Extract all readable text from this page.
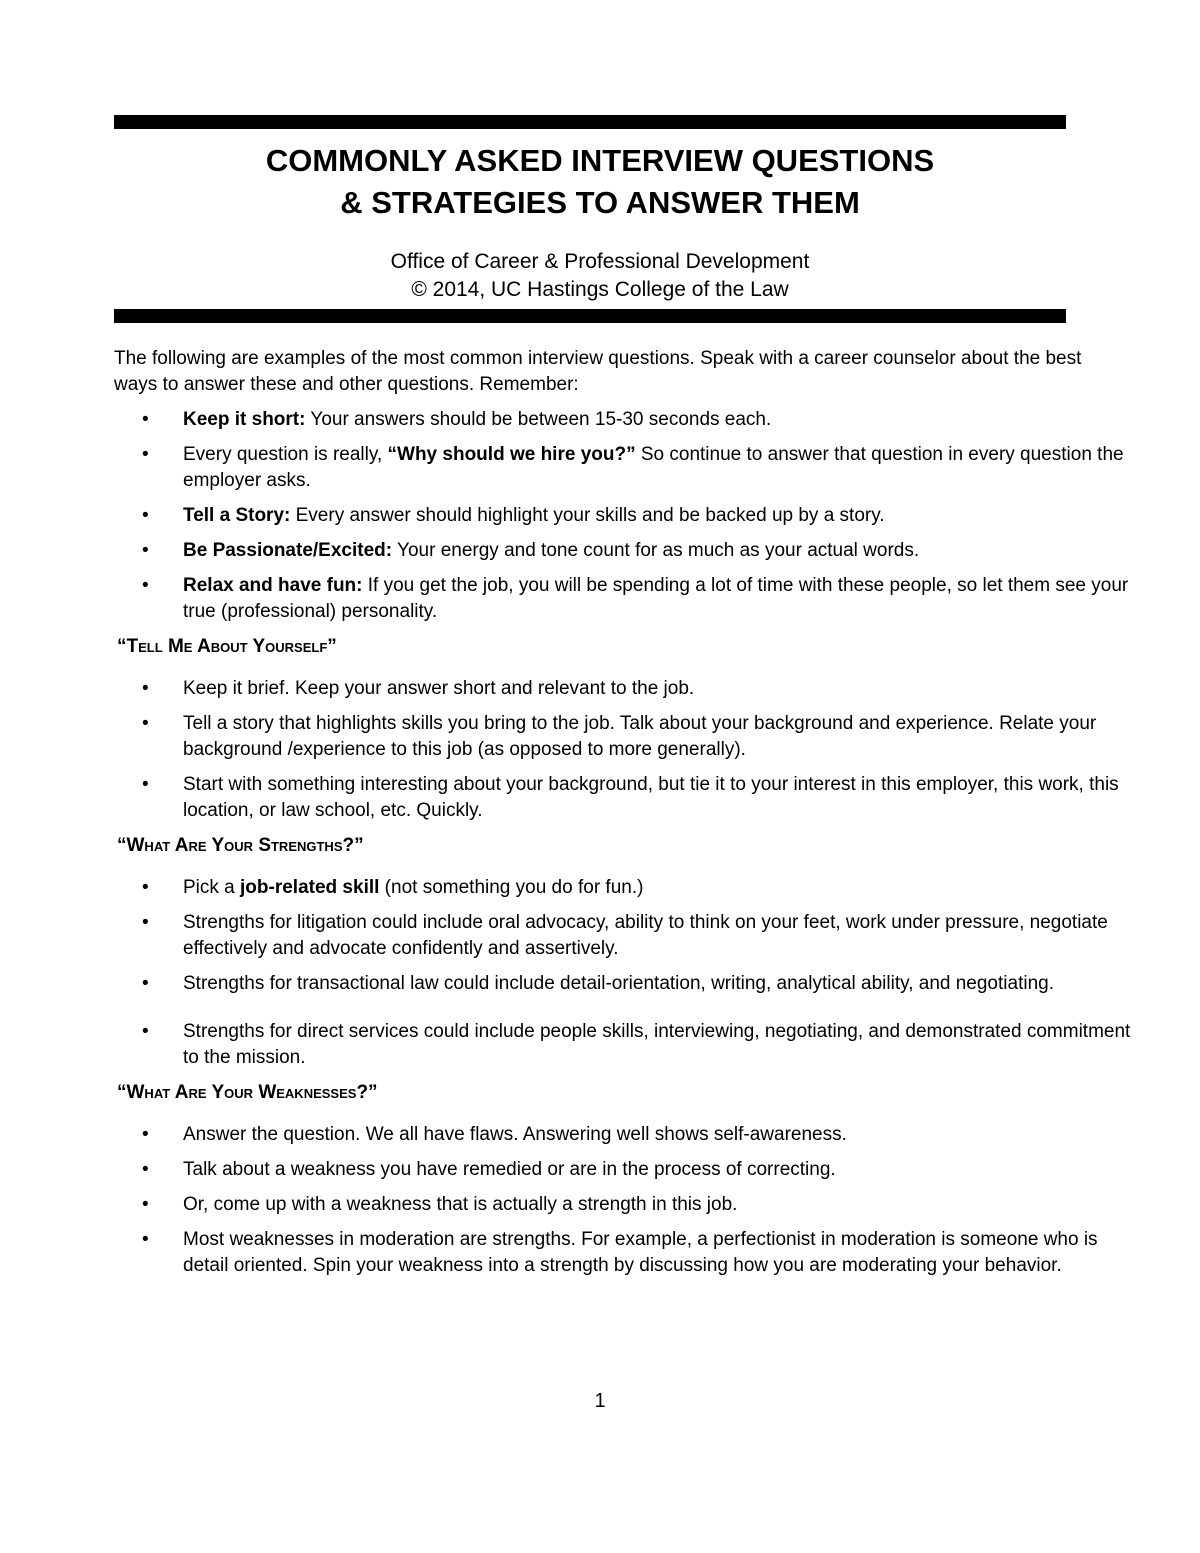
COMMONLY ASKED INTERVIEW QUESTIONS
& STRATEGIES TO ANSWER THEM
Office of Career & Professional Development
© 2014, UC Hastings College of the Law

The following are examples of the most common interview questions. Speak with a career counselor about the best ways to answer these and other questions. Remember:

• Keep it short: Your answers should be between 15-30 seconds each.
• Every question is really, “Why should we hire you?” So continue to answer that question in every question the employer asks.
• Tell a Story: Every answer should highlight your skills and be backed up by a story.
• Be Passionate/Excited: Your energy and tone count for as much as your actual words.
• Relax and have fun: If you get the job, you will be spending a lot of time with these people, so let them see your true (professional) personality.
“Tell Me About Yourself”
• Keep it brief. Keep your answer short and relevant to the job.
• Tell a story that highlights skills you bring to the job. Talk about your background and experience. Relate your background /experience to this job (as opposed to more generally).
• Start with something interesting about your background, but tie it to your interest in this employer, this work, this location, or law school, etc. Quickly.
“What Are Your Strengths?”
• Pick a job-related skill (not something you do for fun.)
• Strengths for litigation could include oral advocacy, ability to think on your feet, work under pressure, negotiate effectively and advocate confidently and assertively.
• Strengths for transactional law could include detail-orientation, writing, analytical ability, and negotiating.
• Strengths for direct services could include people skills, interviewing, negotiating, and demonstrated commitment to the mission.
“What Are Your Weaknesses?”
• Answer the question. We all have flaws. Answering well shows self-awareness.
• Talk about a weakness you have remedied or are in the process of correcting.
• Or, come up with a weakness that is actually a strength in this job.
• Most weaknesses in moderation are strengths. For example, a perfectionist in moderation is someone who is detail oriented. Spin your weakness into a strength by discussing how you are moderating your behavior.
1
